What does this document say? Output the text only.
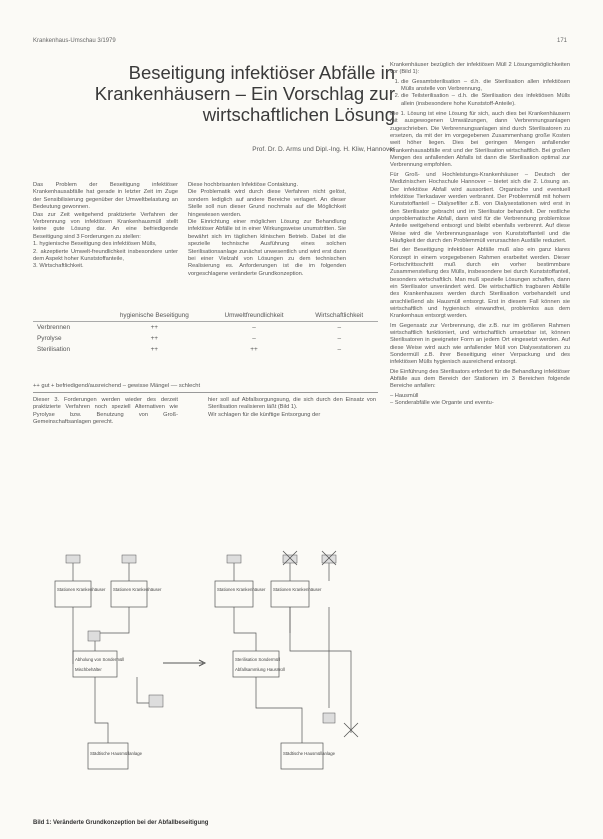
Krankenhaus-Umschau 3/1979	171
Beseitigung infektiöser Abfälle in Krankenhäusern – Ein Vorschlag zur wirtschaftlichen Lösung
Prof. Dr. D. Arms und Dipl.-Ing. H. Kliw, Hannover
Das Problem der Beseitigung infektiöser Krankenhausabfälle hat gerade in letzter Zeit im Zuge der Sensibilisierung gegenüber der Umweltbelastung an Bedeutung gewonnen.
Das zur Zeit weitgehend praktizierte Verfahren der Verbrennung von infektiösen Krankenhausmüll stellt keine gute Lösung dar. An eine befriedigende Beseitigung sind 3 Forderungen zu stellen:
1. hygienische Beseitigung des infektiösen Mülls,
2. akzeptierte Umwelt-freundlichkeit insbesondere unter dem Aspekt hoher Kunststoffanteile,
3. Wirtschaftlichkeit.
Diese hochbrisanten Infektiöse Contaktung.
Die Problematik wird durch diese Verfahren nicht gelöst, sondern lediglich auf andere Bereiche verlagert. An dieser Stelle soll nun dieser Grund nochmals auf die Möglichkeit hingewiesen werden.
Die Einrichtung einer möglichen Lösung zur Behandlung infektiöser Abfälle ist in einer Wirkungsweise unumstritten. Sie bewährt sich im täglichen klinischen Betrieb. Dabei ist die spezielle technische Ausführung eines solchen Sterilisationsanlage zunächst unwesentlich und wird erst dann bei einer Vielzahl von Lösungen zu dem technischen Realisierung es. Anforderungen ist die im folgenden vorgeschlagene veränderte Grundkonzeption.
	hygienische Beseitigung	Umweltfreundlichkeit	Wirtschaftlichkeit
Verbrennen	++	–	–
Pyrolyse	++	–	–
Sterilisation	++	++	–
++ gut + befriedigend/ausreichend – gewisse Mängel –– schlecht
Dieser 3. Forderungen werden wieder des derzeit praktizierte Verfahren noch speziell Alternativen wie Pyrolyse bzw. Benutzung von Groß-Gemeinschaftsanlagen gerecht.
hier soll auf Abfallsorgungsung, die sich durch den Einsatz von Sterilisation realisieren läßt (Bild 1).
Wir schlagen für die künftige Entsorgung der
Stationen Krankenhäuser Stationen Krankenhäuser
Abholung von Sondermüll
Mischbehälter
Städtische Hausmüllanlage
Stationen Krankenhäuser Stationen Krankenhäuser
Sterilisation Sondermüll
Abfallsammlung Hausmüll
Städtische Hausmüllanlage
Bild 1: Veränderte Grundkonzeption bei der Abfallbeseitigung

Krankenhäuser bezüglich der infektiösen Müll 2 Lösungsmöglichkeiten vor (Bild 1):

1. die Gesamtsterilisation – d.h. die Sterilisation allen infektiösen Mülls anstelle von Verbrennung,
2. die Teilsterilisation – d.h. die Sterilisation des infektiösen Mülls allein (insbesondere hohe Kunststoff-Anteile).

Die 1. Lösung ist eine Lösung für sich, auch dies bei Krankenhäusern mit ausgewogenen Umwälzungen, dann Verbrennungsanlagen zugeschrieben. Die Verbrennungsanlagen sind durch Sterilisatoren zu ersetzen, da mit der im vorgegebenen Zusammenhang große Kosten weit höher liegen. Dies bei geringen Mengen anfallender Krankenhausabfälle erst und der Sterilisation wirtschaftlich. Bei großen Mengen des anfallenden Abfalls ist dann die Sterilisation optimal zur Verbrennung empfohlen.

Für Groß- und Hochleistungs-Krankenhäuser – Deutsch der Medizinischen Hochschule Hannover – bietet sich die 2. Lösung an. Der infektiöse Abfall wird aussortiert. Organische und eventuell infektiöse Tierkadaver werden verbrannt. Der Problemmüll mit hohem Kunststoffanteil – Dialysefilter z.B. von Dialysestationen wird erst in den Sterilisator gebracht und im Sterilisator behandelt. Der restliche unproblematische Abfall, dann wird für die Verbrennung problemlose Anteile weitgehend entsorgt und bleibt ebenfalls verbrennt. Auf diese Weise wird die Verbrennungsanlage von Kunststoffanteil und die Häufigkeit der durch den Problemmüll verursachten Ausfälle reduziert.

Bei der Beseitigung infektiöser Abfälle muß also ein ganz klares Konzept in einem vorgegebenen Rahmen erarbeitet werden. Dieser Fortschrittsschritt muß durch ein vorher bestimmbare Zusammenstellung des Mülls, insbesondere bei durch Kunststoffanteil, besonders wirtschaftlich. Man muß spezielle Lösungen schaffen, dann ein Sterilisator unverändert wird. Die wirtschaftlich tragbaren Abfälle des Krankenhauses werden durch Sterilisation vorbehandelt und anschließend als Hausmüll entsorgt. Erst in diesem Fall können sie wirtschaftlich und hygienisch einwandfrei, problemlos aus dem Krankenhaus entsorgt werden.

Im Gegensatz zur Verbrennung, die z.B. nur im größeren Rahmen wirtschaftlich funktioniert, und wirtschaftlich umsetzbar ist, können Sterilisatoren in geeigneter Form an jedem Ort eingesetzt werden. Auf diese Weise wird auch wie anfallender Müll von Dialysestationen zu Sondermüll z.B. ihrer Beseitigung einer Verpackung und des infektiösen Mülls hygienisch ausreichend entsorgt.

Die Einführung des Sterilisators erfordert für die Behandlung infektiöser Abfälle aus dem Bereich der Stationen im 3 Bereichen folgende Bereiche anfallen:

– Hausmüll
– Sonderabfälle wie Organte und eventu-
